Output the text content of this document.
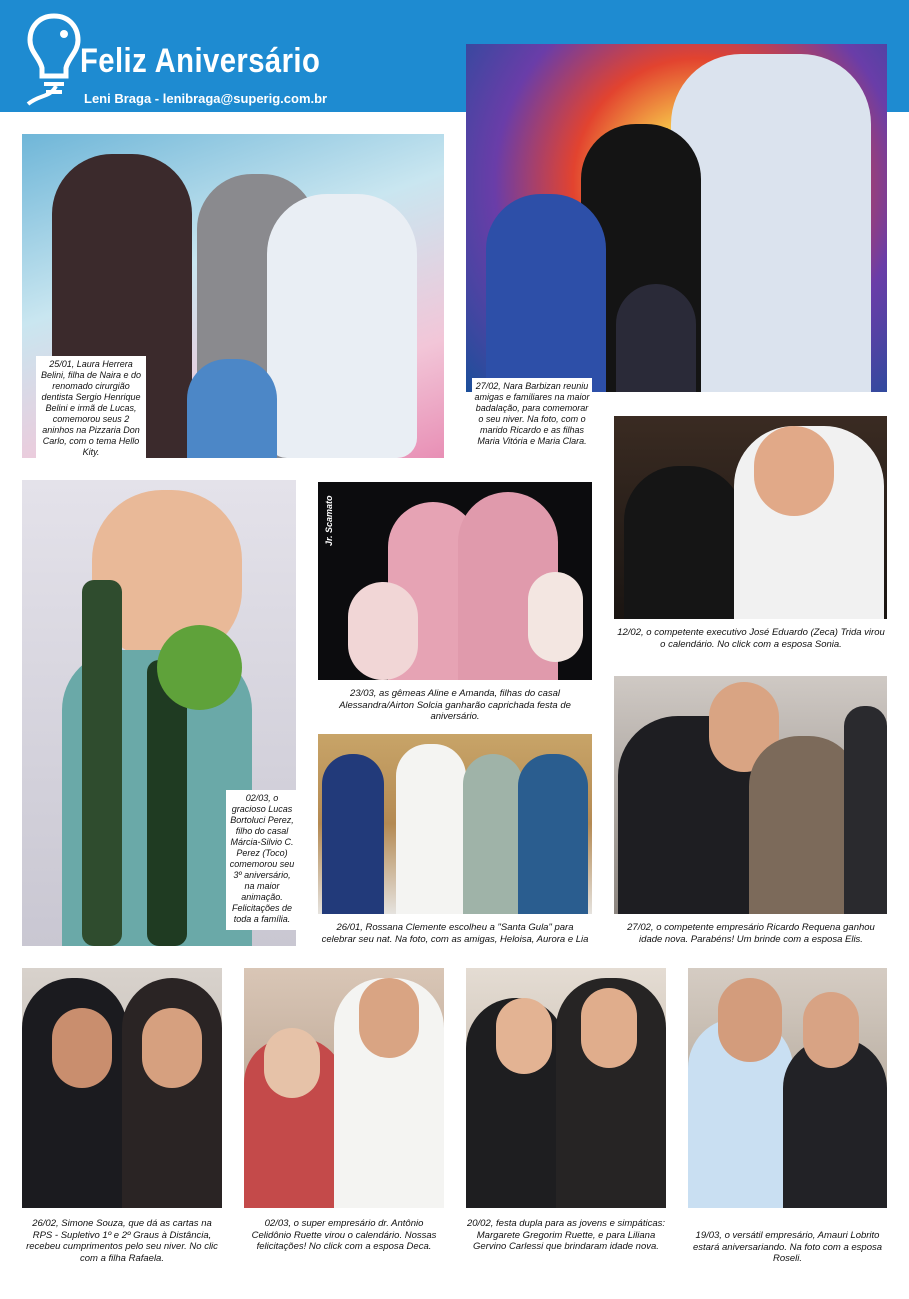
Feliz Aniversário
Leni Braga - lenibraga@superig.com.br
25/01, Laura Herrera Belini, filha de Naira e do renomado cirurgião dentista Sergio Henrique Belini e irmã de Lucas, comemorou seus 2 aninhos na Pizzaria Don Carlo, com o tema Hello Kity.
27/02, Nara Barbizan reuniu amigas e familiares na maior badalação, para comemorar o seu niver. Na foto, com o marido Ricardo e as filhas Maria Vitória e Maria Clara.
02/03, o gracioso Lucas Bortoluci Perez, filho do casal Márcia-Silvio C. Perez (Toco) comemorou seu 3º aniversário, na maior animação. Felicitações de toda a família.
Jr. Scamato
23/03, as gêmeas Aline e Amanda, filhas do casal Alessandra/Airton Solcia ganharão caprichada festa de aniversário.
12/02, o competente executivo José Eduardo (Zeca) Trida virou o calendário. No click com a esposa Sonia.
26/01, Rossana Clemente escolheu a "Santa Gula" para celebrar seu nat. Na foto, com as amigas, Heloisa, Aurora e Lia
27/02, o competente empresário Ricardo Requena ganhou idade nova. Parabéns! Um brinde com a esposa Elis.
26/02, Simone Souza, que dá as cartas na RPS - Supletivo 1º e 2º Graus à Distância, recebeu cumprimentos pelo seu niver. No clic com a filha Rafaela.
02/03, o super empresário dr. Antônio Celidônio Ruette virou o calendário. Nossas felicitações! No click com a esposa Deca.
20/02, festa dupla para as jovens e simpáticas: Margarete Gregorim Ruette, e para Liliana Gervino Carlessi que brindaram idade nova.
19/03, o versátil empresário, Amauri Lobrito estará aniversariando. Na foto com a esposa Roseli.
